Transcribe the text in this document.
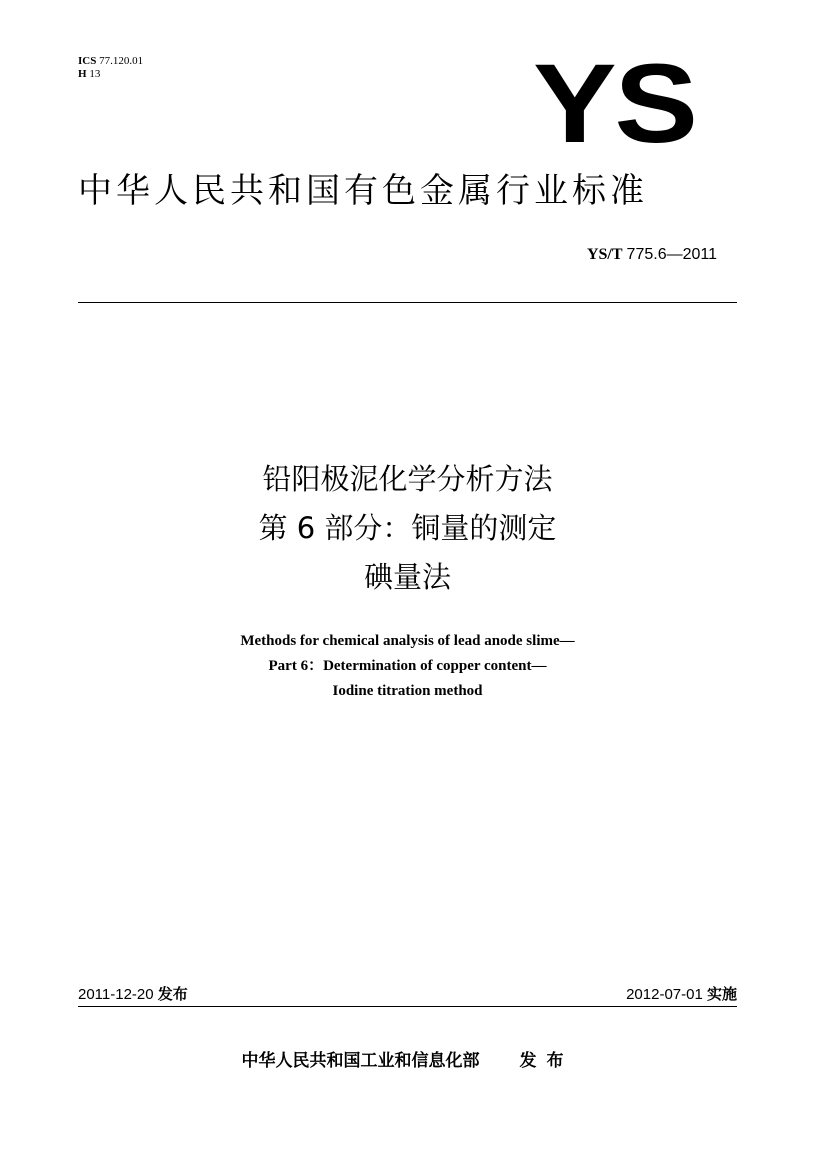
ICS 77.120.01
H 13	YS
中华人民共和国有色金属行业标准
YS/T 775.6—2011
铅阳极泥化学分析方法
第 6 部分：铜量的测定
碘量法
Methods for chemical analysis of lead anode slime—
Part 6：Determination of copper content—
Iodine titration method
2011-12-20 发布	2012-07-01 实施
中华人民共和国工业和信息化部 发布
